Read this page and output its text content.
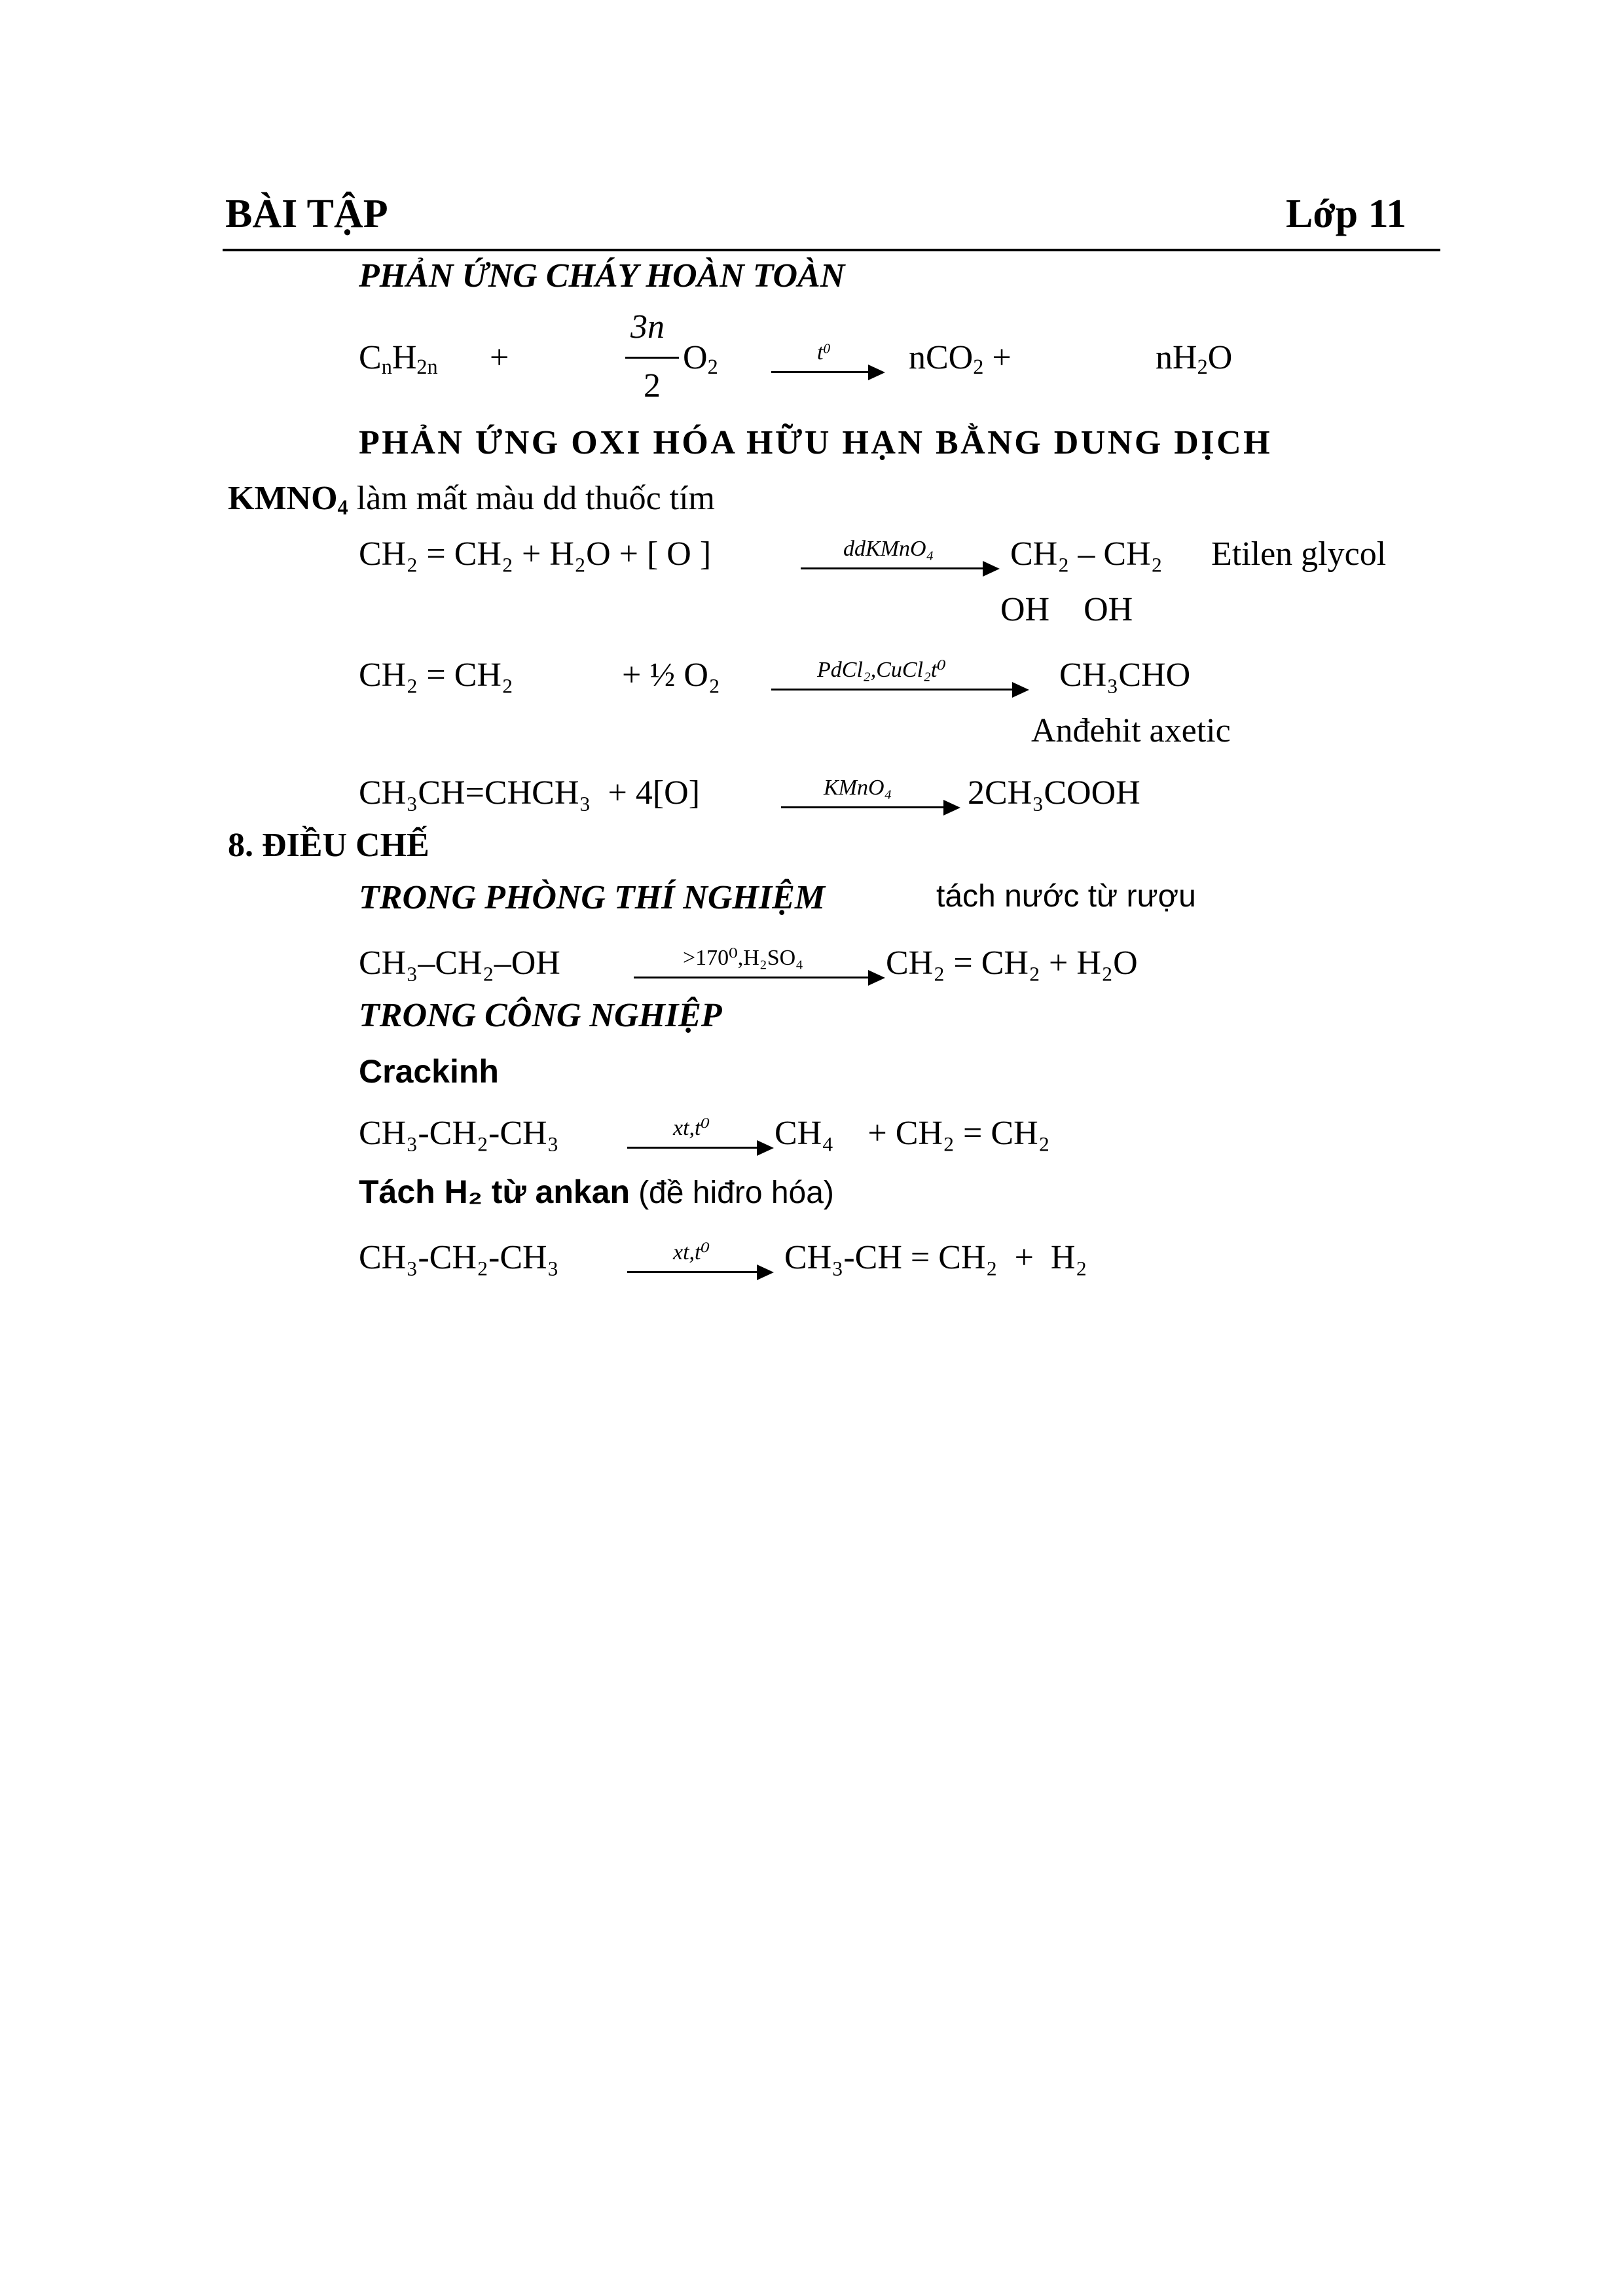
BÀI TẬP	Lớp 11
PHẢN ỨNG CHÁY HOÀN TOÀN
$C_nH_{2n}$ +
3n
2
$O_2$
$t^0$ nCO$_2$ +	$nH_2O$
PHẢN ỨNG OXI HÓA HỮU HẠN BẰNG DUNG DỊCH
$KMNO_4$ làm mất màu dd thuốc tím
CH₂ = CH₂ + H₂O + [ O ]	ddKMnO₄ CH₂ – CH₂ Etilen glycol
OH    OH
CH₂ = CH₂	+ ½ O₂	PdCl₂,CuCl₂t⁰	CH₃CHO
Anđehit axetic
CH₃CH=CHCH₃  + 4[O]	KMnO₄ 2CH₃COOH
8. ĐIỀU CHẾ
TRONG PHÒNG THÍ NGHIỆM	tách nước từ rượu
CH₃–CH₂–OH	>170⁰,H₂SO₄ CH₂ = CH₂ + H₂O
TRONG CÔNG NGHIỆP
Crackinh
CH₃-CH₂-CH₃	xt,t⁰ CH₄    + CH₂ = CH₂
Tách H₂ từ ankan (đề hiđro hóa)
CH₃-CH₂-CH₃	xt,t⁰ CH₃-CH = CH₂  +  H₂
